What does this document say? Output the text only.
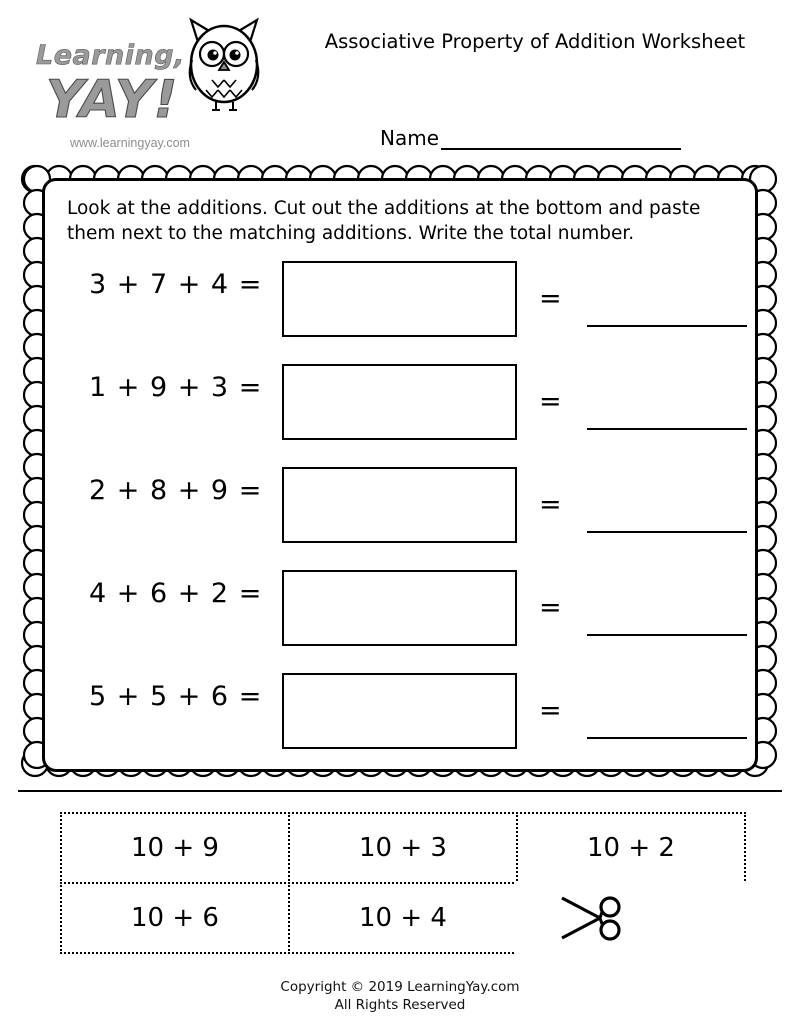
Learning,
YAY!
www.learningyay.com
Associative Property of Addition Worksheet
Name

Look at the additions. Cut out the additions at the bottom and paste them next to the matching additions. Write the total number.

3 + 7 + 4 =	=
1 + 9 + 3 =	=
2 + 8 + 9 =	=
4 + 6 + 2 =	=
5 + 5 + 6 =	=
10 + 9	10 + 3	10 + 2
10 + 6	10 + 4
Copyright © 2019 LearningYay.com
All Rights Reserved
